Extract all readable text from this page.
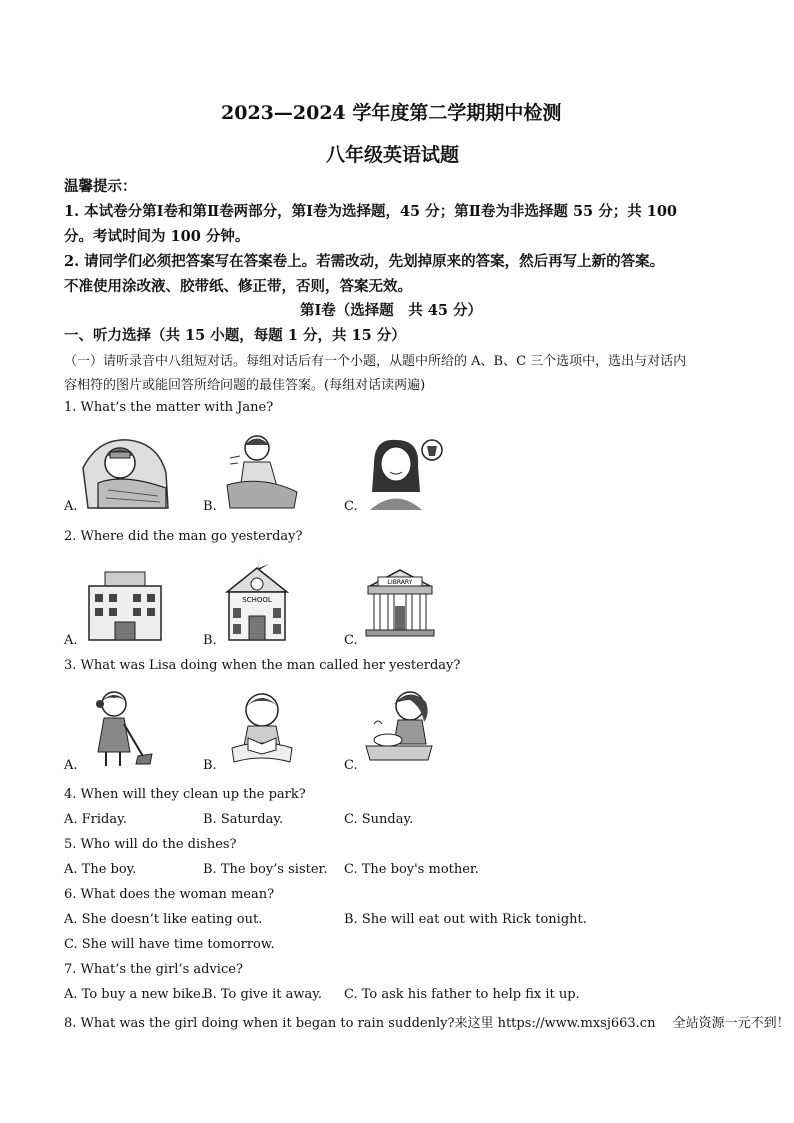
2023—2024 学年度第二学期期中检测
八年级英语试题
温馨提示：
1. 本试卷分第Ⅰ卷和第Ⅱ卷两部分，第Ⅰ卷为选择题，45 分；第Ⅱ卷为非选择题 55 分；共 100
分。考试时间为 100 分钟。
2. 请同学们必须把答案写在答案卷上。若需改动，先划掉原来的答案，然后再写上新的答案。
不准使用涂改液、胶带纸、修正带，否则，答案无效。
第Ⅰ卷（选择题　共 45 分）
一、听力选择（共 15 小题，每题 1 分，共 15 分）
（一）请听录音中八组短对话。每组对话后有一个小题，从题中所给的 A、B、C 三个选项中，选出与对话内
容相符的图片或能回答所给问题的最佳答案。(每组对话读两遍)
1. What’s the matter with Jane?
A.	B.	C.
2. Where did the man go yesterday?
A.
SCHOOL
B.
LIBRARY
C.
3. What was Lisa doing when the man called her yesterday?
A.	B.	C.
4. When will they clean up the park?
A. Friday.	B. Saturday.	C. Sunday.
5. Who will do the dishes?
A. The boy.	B. The boy’s sister. C. The boy's mother.
6. What does the woman mean?
A. She doesn’t like eating out.	B. She will eat out with Rick tonight.
C. She will have time tomorrow.
7. What’s the girl’s advice?
A. To buy a new bike.
B. To give it away. C. To ask his father to help fix it up.
8. What was the girl doing when it began to rain suddenly?来这里 https://www.mxsj663.cn　 全站资源一元不到！
